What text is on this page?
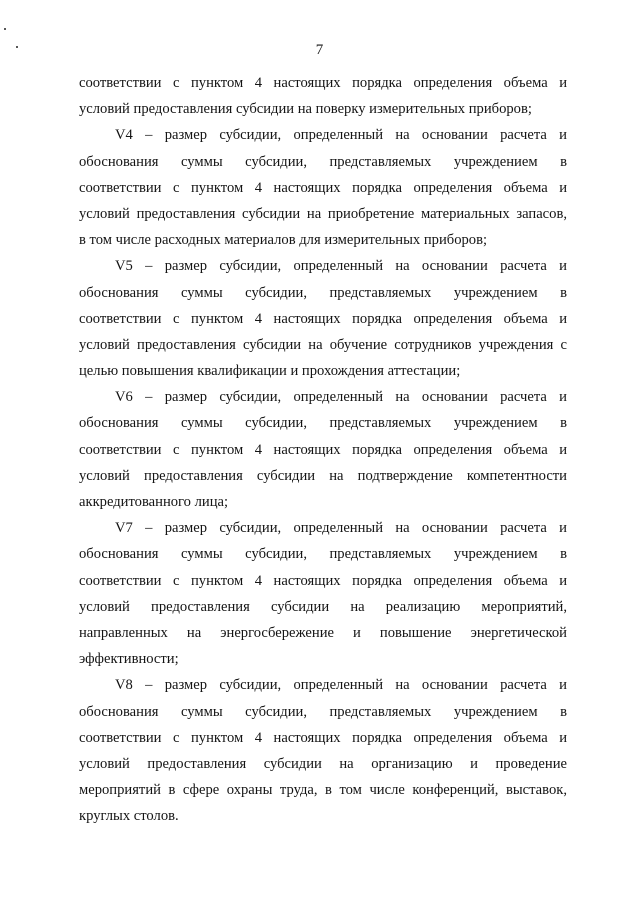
7
соответствии с пунктом 4 настоящих порядка определения объема и
условий предоставления субсидии на поверку измерительных приборов;
V4 – размер субсидии, определенный на основании расчета и
обоснования суммы субсидии, представляемых учреждением в
соответствии с пунктом 4 настоящих порядка определения объема и
условий предоставления субсидии на приобретение материальных запасов,
в том числе расходных материалов для измерительных приборов;
V5 – размер субсидии, определенный на основании расчета и
обоснования суммы субсидии, представляемых учреждением в
соответствии с пунктом 4 настоящих порядка определения объема и
условий предоставления субсидии на обучение сотрудников учреждения с
целью повышения квалификации и прохождения аттестации;
V6 – размер субсидии, определенный на основании расчета и
обоснования суммы субсидии, представляемых учреждением в
соответствии с пунктом 4 настоящих порядка определения объема и
условий предоставления субсидии на подтверждение компетентности
аккредитованного лица;
V7 – размер субсидии, определенный на основании расчета и
обоснования суммы субсидии, представляемых учреждением в
соответствии с пунктом 4 настоящих порядка определения объема и
условий предоставления субсидии на реализацию мероприятий,
направленных на энергосбережение и повышение энергетической
эффективности;
V8 – размер субсидии, определенный на основании расчета и
обоснования суммы субсидии, представляемых учреждением в
соответствии с пунктом 4 настоящих порядка определения объема и
условий предоставления субсидии на организацию и проведение
мероприятий в сфере охраны труда, в том числе конференций, выставок,
круглых столов.
